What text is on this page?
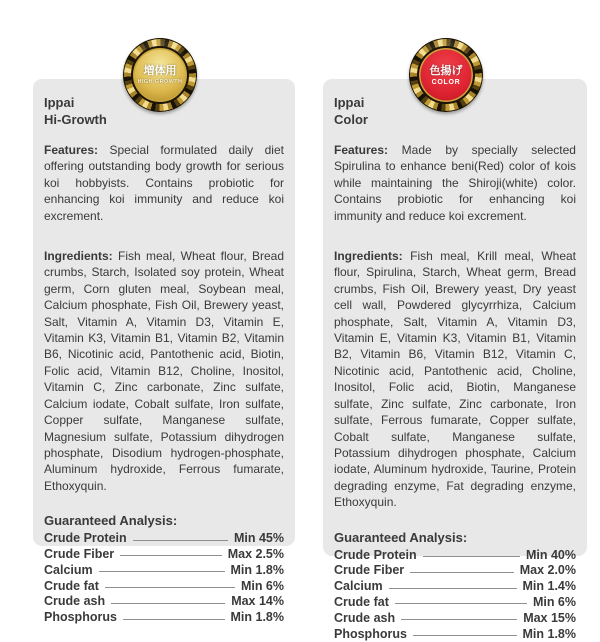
Ippai
Hi-Growth

Features: Special formulated daily diet offering outstanding body growth for serious koi hobbyists. Contains probiotic for enhancing koi immunity and reduce koi excrement.

Ingredients: Fish meal, Wheat flour, Bread crumbs, Starch, Isolated soy protein, Wheat germ, Corn gluten meal, Soybean meal, Calcium phosphate, Fish Oil, Brewery yeast, Salt, Vitamin A, Vitamin D3, Vitamin E, Vitamin K3, Vitamin B1, Vitamin B2, Vitamin B6, Nicotinic acid, Pantothenic acid, Biotin, Folic acid, Vitamin B12, Choline, Inositol, Vitamin C, Zinc carbonate, Zinc sulfate, Calcium iodate, Cobalt sulfate, Iron sulfate, Copper sulfate, Manganese sulfate, Magnesium sulfate, Potassium dihydrogen phosphate, Disodium hydrogen-phosphate, Aluminum hydroxide, Ferrous fumarate, Ethoxyquin.

Guaranteed Analysis:
Crude Protein	Min 45%
Crude Fiber	Max 2.5%
Calcium	Min 1.8%
Crude fat	Min 6%
Crude ash	Max 14%
Phosphorus	Min 1.8%
Ippai
Color

Features: Made by specially selected Spirulina to enhance beni(Red) color of kois while maintaining the Shiroji(white) color. Contains probiotic for enhancing koi immunity and reduce koi excrement.

Ingredients: Fish meal, Krill meal, Wheat flour, Spirulina, Starch, Wheat germ, Bread crumbs, Fish Oil, Brewery yeast, Dry yeast cell wall, Powdered glycyrrhiza, Calcium phosphate, Salt, Vitamin A, Vitamin D3, Vitamin E, Vitamin K3, Vitamin B1, Vitamin B2, Vitamin B6, Vitamin B12, Vitamin C, Nicotinic acid, Pantothenic acid, Choline, Inositol, Folic acid, Biotin, Manganese sulfate, Zinc sulfate, Zinc carbonate, Iron sulfate, Ferrous fumarate, Copper sulfate, Cobalt sulfate, Manganese sulfate, Potassium dihydrogen phosphate, Calcium iodate, Aluminum hydroxide, Taurine, Protein degrading enzyme, Fat degrading enzyme, Ethoxyquin.

Guaranteed Analysis:
Crude Protein	Min 40%
Crude Fiber	Max 2.0%
Calcium	Min 1.4%
Crude fat	Min 6%
Crude ash	Max 15%
Phosphorus	Min 1.8%
増体用
HIGH GROWTH
色揚げ
COLOR
